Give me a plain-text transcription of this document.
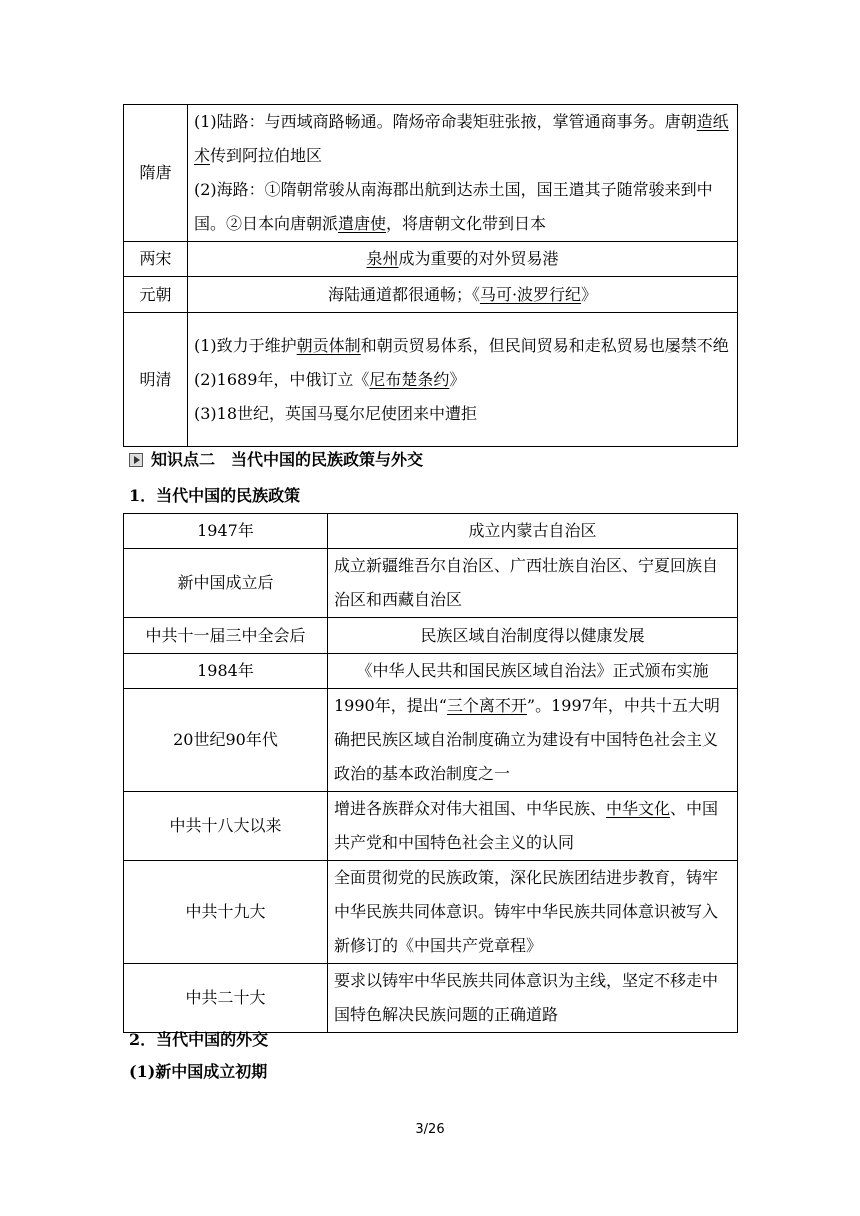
隋唐	(1)陆路：与西域商路畅通。隋炀帝命裴矩驻张掖，掌管通商事务。唐朝造纸术传到阿拉伯地区
(2)海路：①隋朝常骏从南海郡出航到达赤土国，国王遣其子随常骏来到中国。②日本向唐朝派遣唐使，将唐朝文化带到日本

两宋	泉州成为重要的对外贸易港
元朝	海陆通道都很通畅；《马可·波罗行纪》
明清	(1)致力于维护朝贡体制和朝贡贸易体系，但民间贸易和走私贸易也屡禁不绝
(2)1689年，中俄订立《尼布楚条约》
(3)18世纪，英国马戛尔尼使团来中遭拒
知识点二　当代中国的民族政策与外交
1．当代中国的民族政策
1947年	成立内蒙古自治区
新中国成立后	成立新疆维吾尔自治区、广西壮族自治区、宁夏回族自治区和西藏自治区
中共十一届三中全会后	民族区域自治制度得以健康发展
1984年	《中华人民共和国民族区域自治法》正式颁布实施
20世纪90年代	1990年，提出“三个离不开”。1997年，中共十五大明确把民族区域自治制度确立为建设有中国特色社会主义政治的基本政治制度之一
中共十八大以来	增进各族群众对伟大祖国、中华民族、中华文化、中国共产党和中国特色社会主义的认同
中共十九大	全面贯彻党的民族政策，深化民族团结进步教育，铸牢中华民族共同体意识。铸牢中华民族共同体意识被写入新修订的《中国共产党章程》
中共二十大	要求以铸牢中华民族共同体意识为主线，坚定不移走中国特色解决民族问题的正确道路
2．当代中国的外交
(1)新中国成立初期
3/26
